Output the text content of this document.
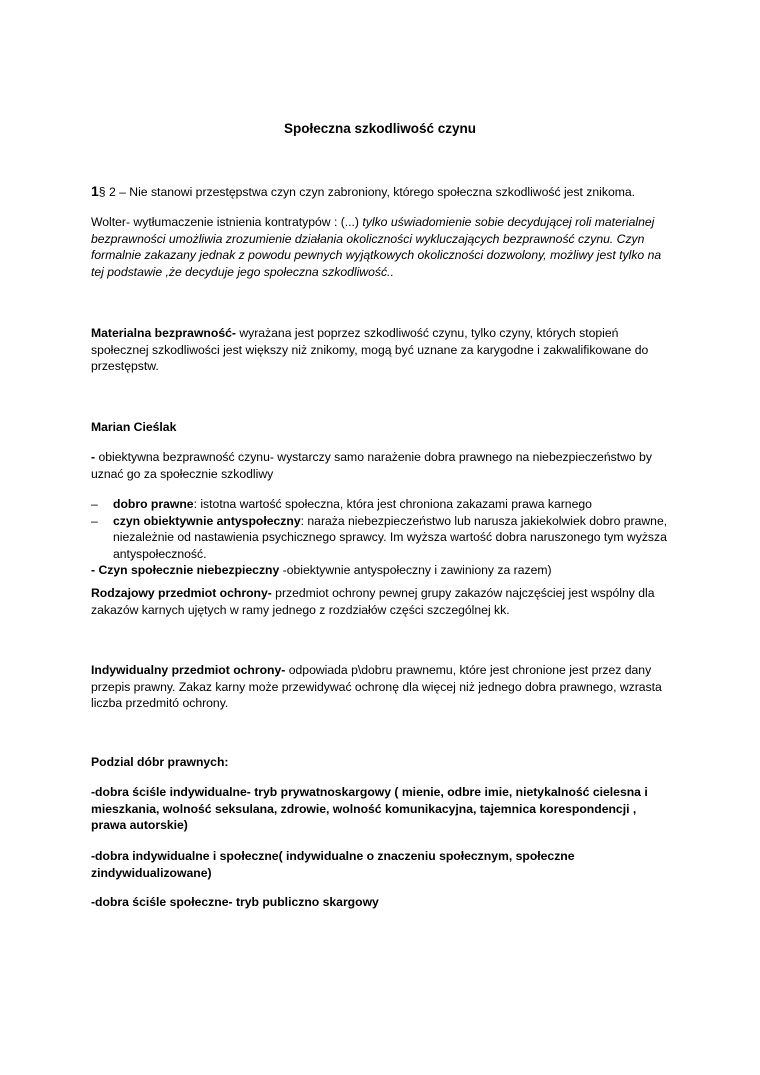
Społeczna szkodliwość czynu
1§ 2 – Nie stanowi przestępstwa czyn czyn zabroniony, którego społeczna szkodliwość jest znikoma.
Wolter- wytłumaczenie istnienia kontratypów : (...) tylko uświadomienie sobie decydującej roli materialnej bezprawności umożliwia zrozumienie działania okoliczności wykluczających bezprawność czynu. Czyn formalnie zakazany jednak z powodu pewnych wyjątkowych okoliczności dozwolony, możliwy jest tylko na tej podstawie ,że decyduje jego społeczna szkodliwość..
Materialna bezprawność- wyrażana jest poprzez szkodliwość czynu, tylko czyny, których stopień społecznej szkodliwości jest większy niż znikomy, mogą być uznane za karygodne i zakwalifikowane do przestępstw.
Marian Cieślak
- obiektywna bezprawność czynu- wystarczy samo narażenie dobra prawnego na niebezpieczeństwo by uznać go za społecznie szkodliwy
– dobro prawne: istotna wartość społeczna, która jest chroniona zakazami prawa karnego
– czyn obiektywnie antyspołeczny: naraża niebezpieczeństwo lub narusza jakiekolwiek dobro prawne, niezależnie od nastawienia psychicznego sprawcy. Im wyższa wartość dobra naruszonego tym wyższa antyspołeczność.
- Czyn społecznie niebezpieczny -obiektywnie antyspołeczny i zawiniony za razem)
Rodzajowy przedmiot ochrony- przedmiot ochrony pewnej grupy zakazów najczęściej jest wspólny dla zakazów karnych ujętych w ramy jednego z rozdziałów części szczególnej kk.
Indywidualny przedmiot ochrony- odpowiada p\dobru prawnemu, które jest chronione jest przez dany przepis prawny. Zakaz karny może przewidywać ochronę dla więcej niż jednego dobra prawnego, wzrasta liczba przedmitó ochrony.
Podzial dóbr prawnych:
-dobra ściśle indywidualne- tryb prywatnoskargowy ( mienie, odbre imie, nietykalność cielesna i mieszkania, wolność seksulana, zdrowie, wolność komunikacyjna, tajemnica korespondencji , prawa autorskie)
-dobra indywidualne i społeczne( indywidualne o znaczeniu społecznym, społeczne zindywidualizowane)
-dobra ściśle społeczne- tryb publiczno skargowy
